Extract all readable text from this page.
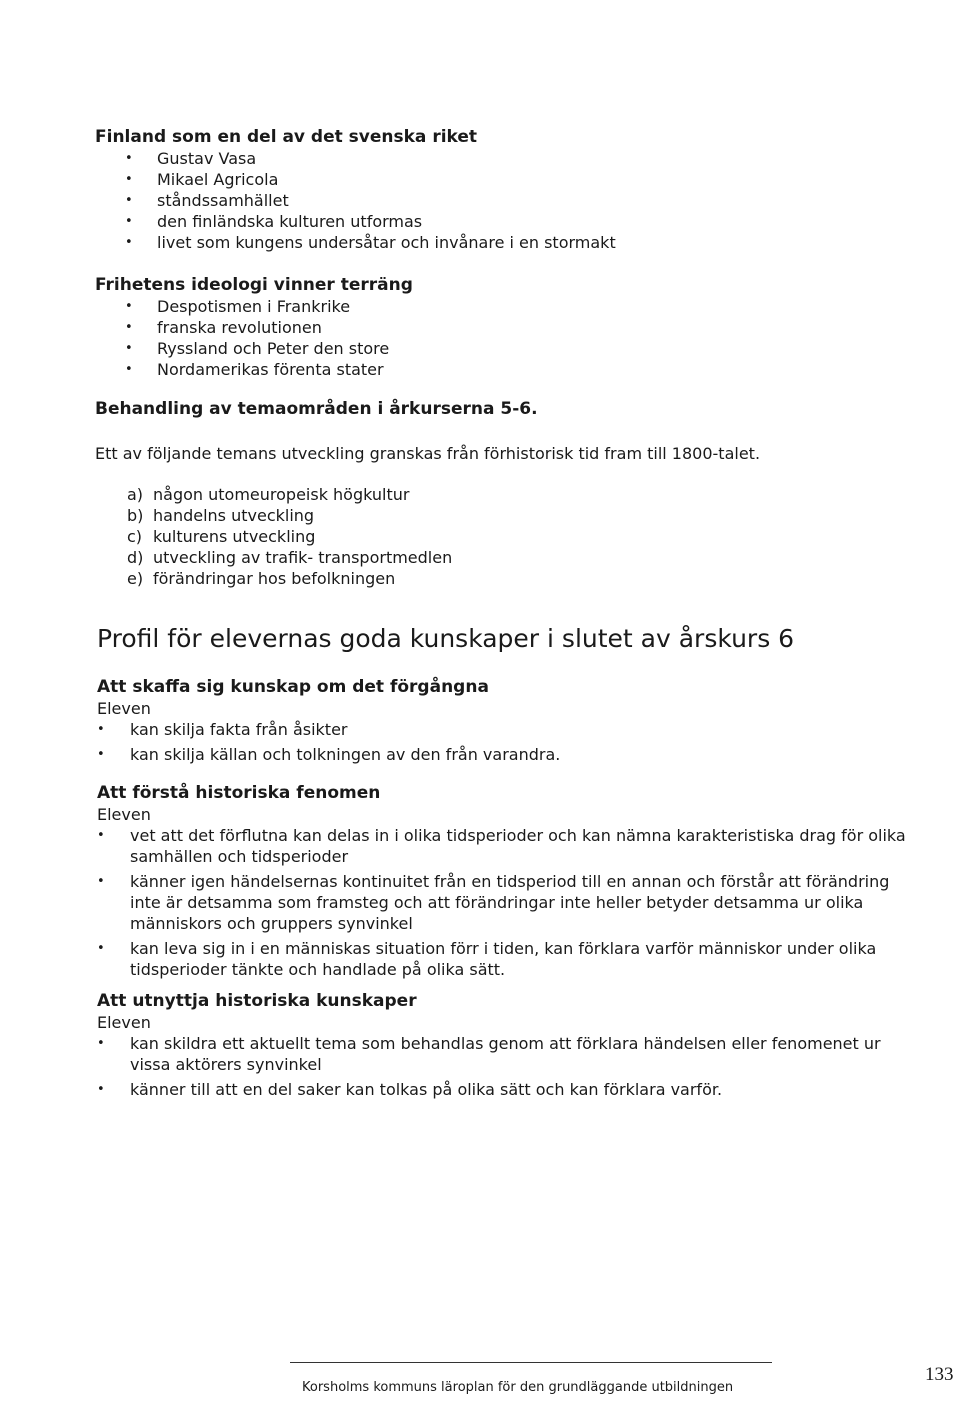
Finland som en del av det svenska riket
• Gustav Vasa
• Mikael Agricola
• ståndssamhället
• den finländska kulturen utformas
• livet som kungens undersåtar och invånare i en stormakt
Frihetens ideologi vinner terräng
• Despotismen i Frankrike
• franska revolutionen
• Ryssland och Peter den store
• Nordamerikas förenta stater
Behandling av temaområden i årkurserna 5-6.
Ett av följande temans utveckling granskas från förhistorisk tid fram till 1800-talet.
a) någon utomeuropeisk högkultur
b) handelns utveckling
c) kulturens utveckling
d) utveckling av trafik- transportmedlen
e) förändringar hos befolkningen
Profil för elevernas goda kunskaper i slutet av årskurs 6
Att skaffa sig kunskap om det förgångna
Eleven
• kan skilja fakta från åsikter
• kan skilja källan och tolkningen av den från varandra.
Att förstå historiska fenomen
Eleven
• vet att det förflutna kan delas in i olika tidsperioder och kan nämna karakteristiska drag för olika samhällen och tidsperioder
• känner igen händelsernas kontinuitet från en tidsperiod till en annan och förstår att förändring inte är detsamma som framsteg och att förändringar inte heller betyder detsamma ur olika människors och gruppers synvinkel
• kan leva sig in i en människas situation förr i tiden, kan förklara varför människor under olika tidsperioder tänkte och handlade på olika sätt.
Att utnyttja historiska kunskaper
Eleven
• kan skildra ett aktuellt tema som behandlas genom att förklara händelsen eller fenomenet ur vissa aktörers synvinkel
• känner till att en del saker kan tolkas på olika sätt och kan förklara varför.
Korsholms kommuns läroplan för den grundläggande utbildningen
133
